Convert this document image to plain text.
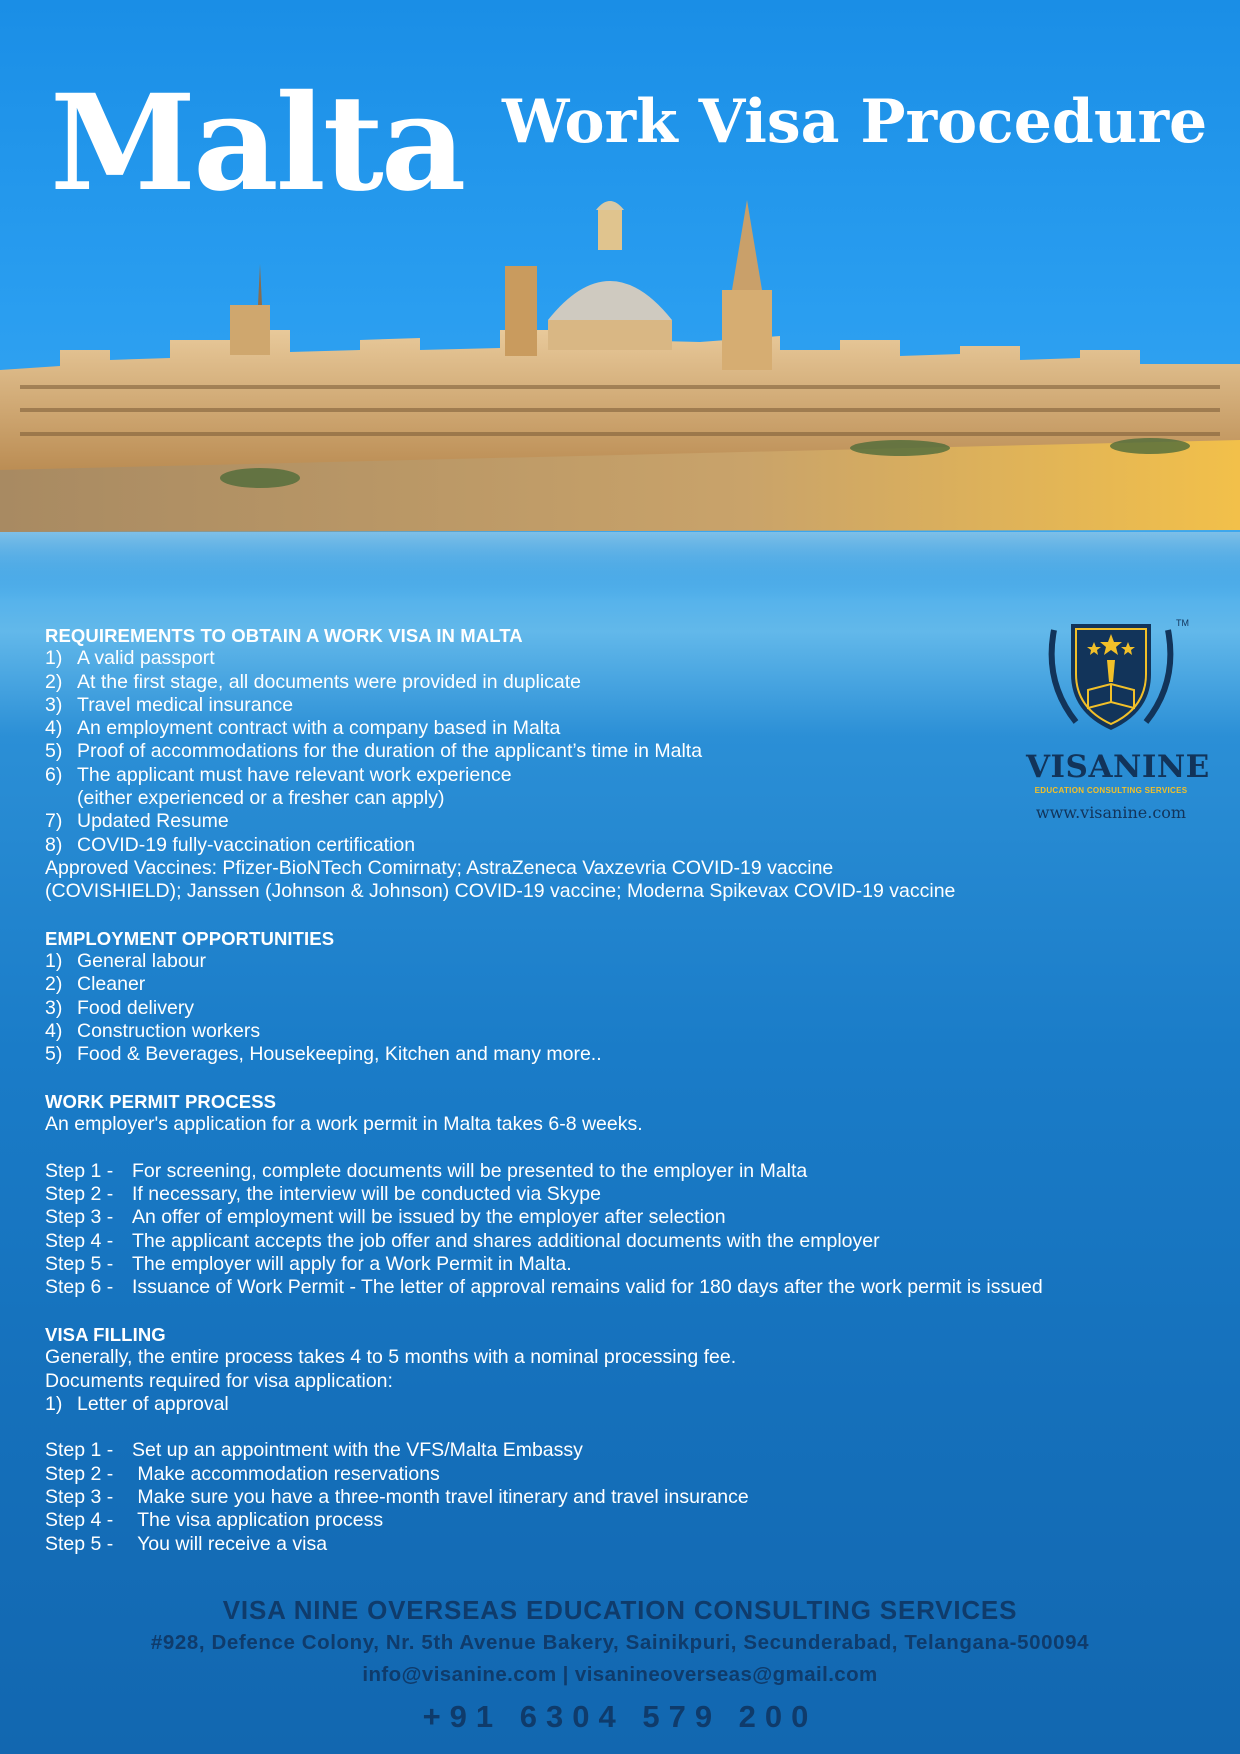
Malta Work Visa Procedure
TM
VISANINE
EDUCATION CONSULTING SERVICES
www.visanine.com
REQUIREMENTS TO OBTAIN A WORK VISA IN MALTA
1) A valid passport
2) At the first stage, all documents were provided in duplicate
3) Travel medical insurance
4) An employment contract with a company based in Malta
5) Proof of accommodations for the duration of the applicant’s time in Malta
6) The applicant must have relevant work experience
(either experienced or a fresher can apply)
7) Updated Resume
8) COVID-19 fully-vaccination certification
Approved Vaccines: Pfizer-BioNTech Comirnaty; AstraZeneca Vaxzevria COVID-19 vaccine
(COVISHIELD); Janssen (Johnson & Johnson) COVID-19 vaccine; Moderna Spikevax COVID-19 vaccine
EMPLOYMENT OPPORTUNITIES
1) General labour
2) Cleaner
3) Food delivery
4) Construction workers
5) Food & Beverages, Housekeeping, Kitchen and many more..
WORK PERMIT PROCESS
An employer's application for a work permit in Malta takes 6-8 weeks.
Step 1 - For screening, complete documents will be presented to the employer in Malta
Step 2 - If necessary, the interview will be conducted via Skype
Step 3 - An offer of employment will be issued by the employer after selection
Step 4 - The applicant accepts the job offer and shares additional documents with the employer
Step 5 - The employer will apply for a Work Permit in Malta.
Step 6 - Issuance of Work Permit - The letter of approval remains valid for 180 days after the work permit is issued
VISA FILLING
Generally, the entire process takes 4 to 5 months with a nominal processing fee.
Documents required for visa application:
1) Letter of approval
Step 1 - Set up an appointment with the VFS/Malta Embassy
Step 2 - Make accommodation reservations
Step 3 - Make sure you have a three-month travel itinerary and travel insurance
Step 4 - The visa application process
Step 5 - You will receive a visa
VISA NINE OVERSEAS EDUCATION CONSULTING SERVICES
#928, Defence Colony, Nr. 5th Avenue Bakery, Sainikpuri, Secunderabad, Telangana-500094
info@visanine.com | visanineoverseas@gmail.com
+91 6304 579 200
